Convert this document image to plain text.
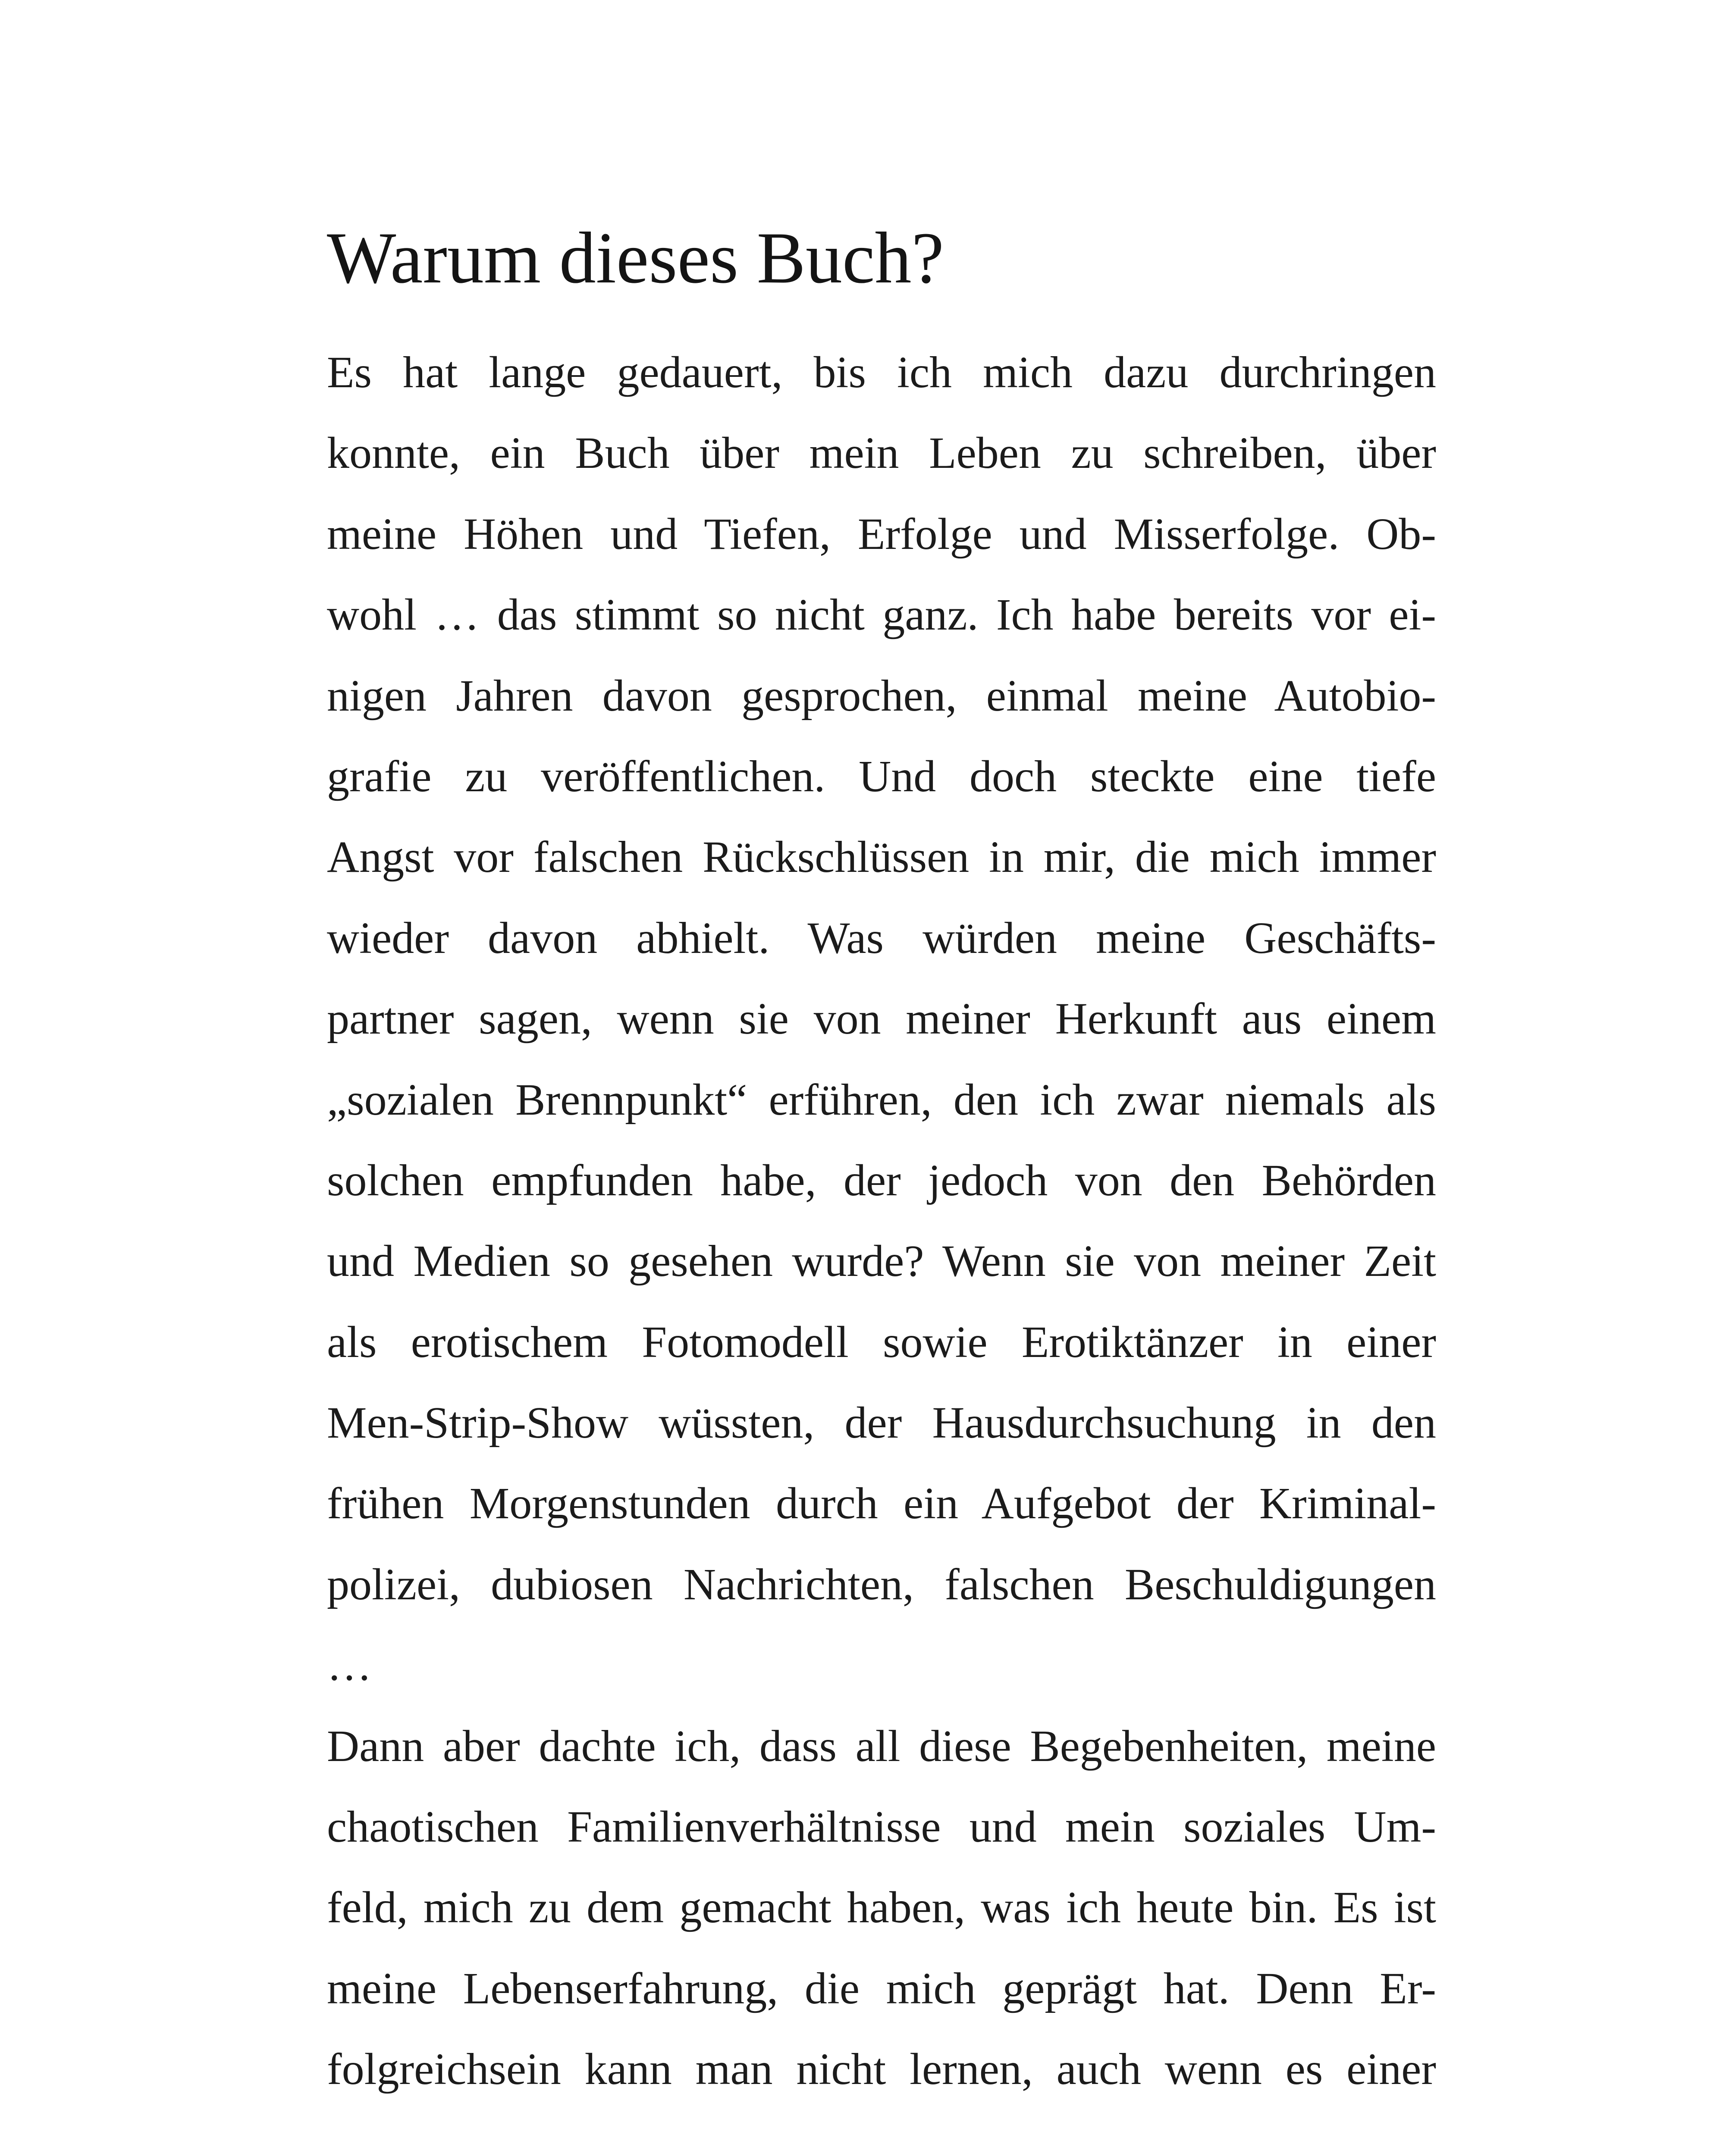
Warum dieses Buch?
Es hat lange gedauert, bis ich mich dazu durchringen
konnte, ein Buch über mein Leben zu schreiben, über
meine Höhen und Tiefen, Erfolge und Misserfolge. Ob-
wohl … das stimmt so nicht ganz. Ich habe bereits vor ei-
nigen Jahren davon gesprochen, einmal meine Autobio-
grafie zu veröffentlichen. Und doch steckte eine tiefe
Angst vor falschen Rückschlüssen in mir, die mich immer
wieder davon abhielt. Was würden meine Geschäfts-
partner sagen, wenn sie von meiner Herkunft aus einem
„sozialen Brennpunkt“ erführen, den ich zwar niemals als
solchen empfunden habe, der jedoch von den Behörden
und Medien so gesehen wurde? Wenn sie von meiner Zeit
als erotischem Fotomodell sowie Erotiktänzer in einer
Men-Strip-Show wüssten, der Hausdurchsuchung in den
frühen Morgenstunden durch ein Aufgebot der Kriminal-
polizei, dubiosen Nachrichten, falschen Beschuldigungen
…
Dann aber dachte ich, dass all diese Begebenheiten, meine
chaotischen Familienverhältnisse und mein soziales Um-
feld, mich zu dem gemacht haben, was ich heute bin. Es ist
meine Lebenserfahrung, die mich geprägt hat. Denn Er-
folgreichsein kann man nicht lernen, auch wenn es einer
